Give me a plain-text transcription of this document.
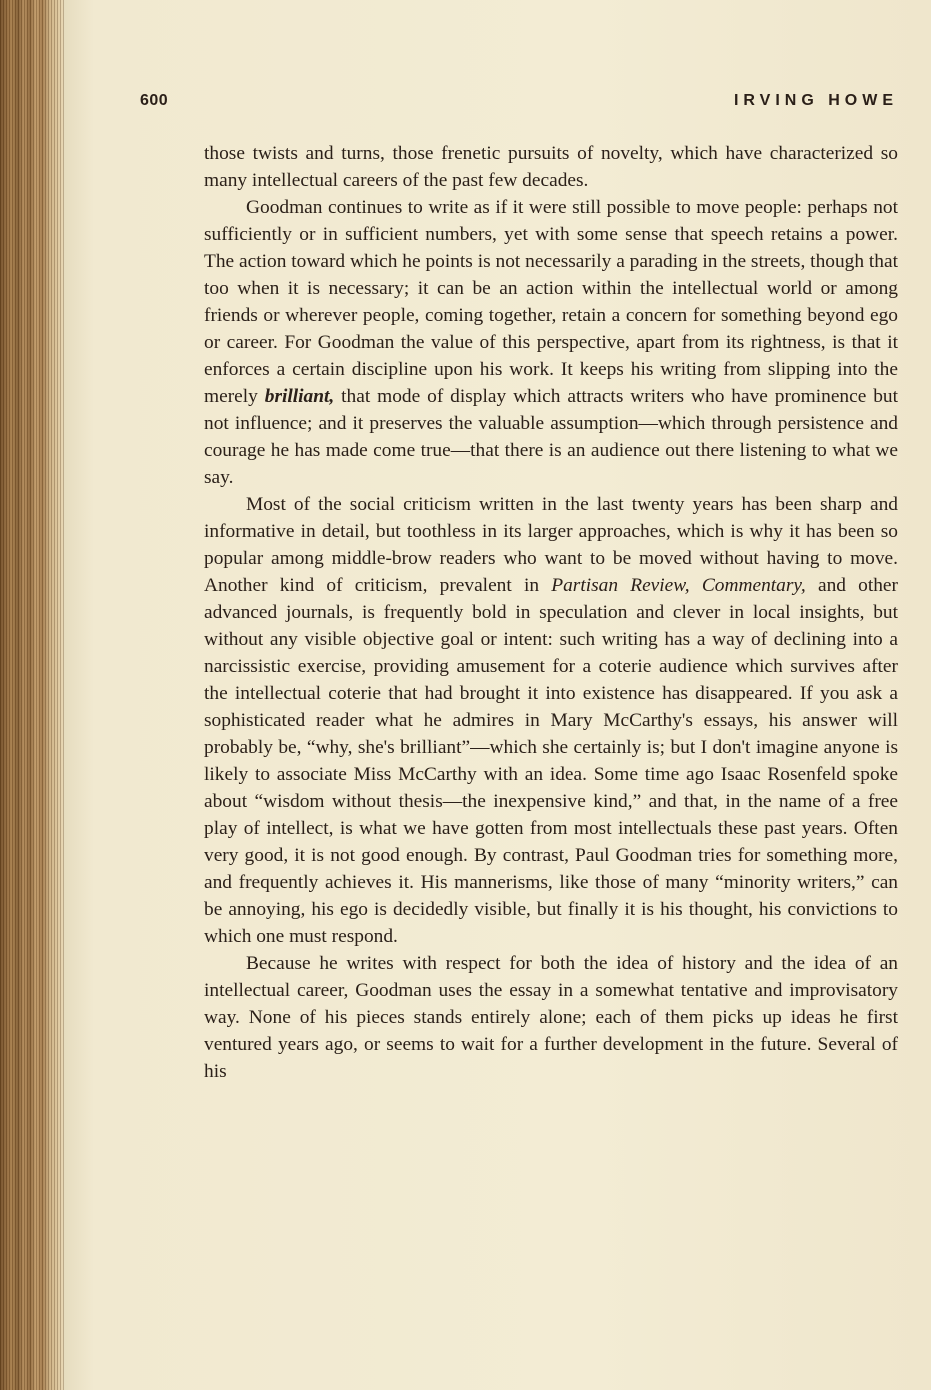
600	IRVING HOWE

those twists and turns, those frenetic pursuits of novelty, which have characterized so many intellectual careers of the past few decades.

Goodman continues to write as if it were still possible to move people: perhaps not sufficiently or in sufficient numbers, yet with some sense that speech retains a power. The action toward which he points is not necessarily a parading in the streets, though that too when it is necessary; it can be an action within the intellectual world or among friends or wherever people, coming together, retain a concern for something beyond ego or career. For Goodman the value of this perspective, apart from its rightness, is that it enforces a certain discipline upon his work. It keeps his writing from slipping into the merely brilliant, that mode of display which attracts writers who have prominence but not influence; and it preserves the valuable assumption—which through persistence and courage he has made come true—that there is an audience out there listening to what we say.

Most of the social criticism written in the last twenty years has been sharp and informative in detail, but toothless in its larger approaches, which is why it has been so popular among middle-brow readers who want to be moved without having to move. Another kind of criticism, prevalent in Partisan Review, Commentary, and other advanced journals, is frequently bold in speculation and clever in local insights, but without any visible objective goal or intent: such writing has a way of declining into a narcissistic exercise, providing amusement for a coterie audience which survives after the intellectual coterie that had brought it into existence has disappeared. If you ask a sophisticated reader what he admires in Mary McCarthy's essays, his answer will probably be, “why, she's brilliant”—which she certainly is; but I don't imagine anyone is likely to associate Miss McCarthy with an idea. Some time ago Isaac Rosenfeld spoke about “wisdom without thesis—the inexpensive kind,” and that, in the name of a free play of intellect, is what we have gotten from most intellectuals these past years. Often very good, it is not good enough. By contrast, Paul Goodman tries for something more, and frequently achieves it. His mannerisms, like those of many “minority writers,” can be annoying, his ego is decidedly visible, but finally it is his thought, his convictions to which one must respond.

Because he writes with respect for both the idea of history and the idea of an intellectual career, Goodman uses the essay in a somewhat tentative and improvisatory way. None of his pieces stands entirely alone; each of them picks up ideas he first ventured years ago, or seems to wait for a further development in the future. Several of his
